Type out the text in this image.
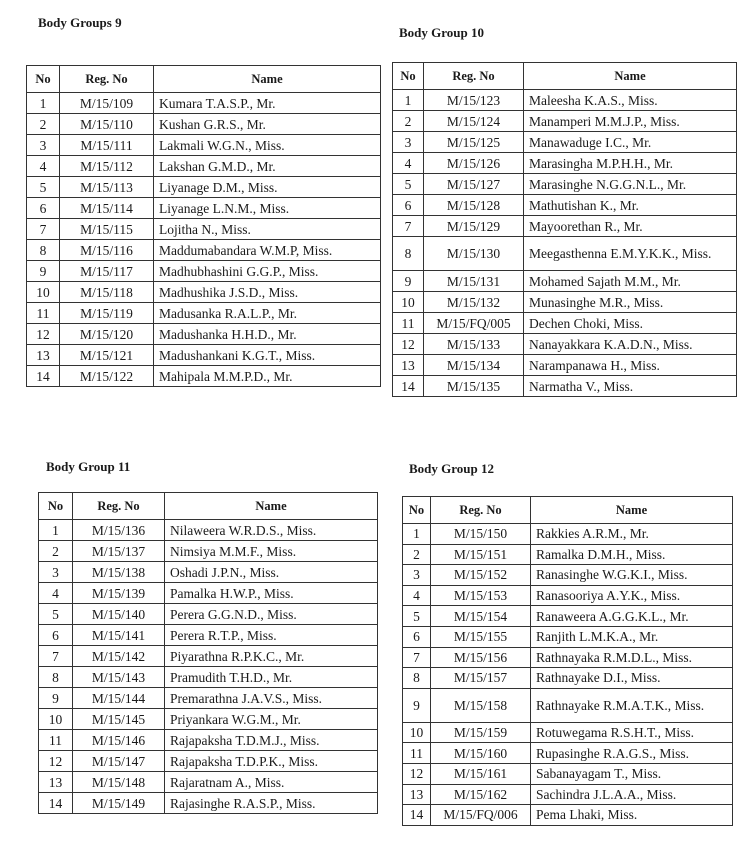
Body Groups 9
No	Reg. No	Name
1	M/15/109	Kumara T.A.S.P., Mr.
2	M/15/110	Kushan G.R.S., Mr.
3	M/15/111	Lakmali W.G.N., Miss.
4	M/15/112	Lakshan G.M.D., Mr.
5	M/15/113	Liyanage D.M., Miss.
6	M/15/114	Liyanage L.N.M., Miss.
7	M/15/115	Lojitha N., Miss.
8	M/15/116	Maddumabandara W.M.P, Miss.
9	M/15/117	Madhubhashini G.G.P., Miss.
10	M/15/118	Madhushika J.S.D., Miss.
11	M/15/119	Madusanka R.A.L.P., Mr.
12	M/15/120	Madushanka H.H.D., Mr.
13	M/15/121	Madushankani K.G.T., Miss.
14	M/15/122	Mahipala M.M.P.D., Mr.
Body Group 10
No	Reg. No	Name
1	M/15/123	Maleesha K.A.S., Miss.
2	M/15/124	Manamperi M.M.J.P., Miss.
3	M/15/125	Manawaduge I.C., Mr.
4	M/15/126	Marasingha M.P.H.H., Mr.
5	M/15/127	Marasinghe N.G.G.N.L., Mr.
6	M/15/128	Mathutishan K., Mr.
7	M/15/129	Mayoorethan R., Mr.
8	M/15/130	Meegasthenna E.M.Y.K.K., Miss.
9	M/15/131	Mohamed Sajath M.M., Mr.
10	M/15/132	Munasinghe M.R., Miss.
11	M/15/FQ/005	Dechen Choki, Miss.
12	M/15/133	Nanayakkara K.A.D.N., Miss.
13	M/15/134	Narampanawa H., Miss.
14	M/15/135	Narmatha V., Miss.
Body Group 11
No	Reg. No	Name
1	M/15/136	Nilaweera W.R.D.S., Miss.
2	M/15/137	Nimsiya M.M.F., Miss.
3	M/15/138	Oshadi J.P.N., Miss.
4	M/15/139	Pamalka H.W.P., Miss.
5	M/15/140	Perera G.G.N.D., Miss.
6	M/15/141	Perera R.T.P., Miss.
7	M/15/142	Piyarathna R.P.K.C., Mr.
8	M/15/143	Pramudith T.H.D., Mr.
9	M/15/144	Premarathna J.A.V.S., Miss.
10	M/15/145	Priyankara W.G.M., Mr.
11	M/15/146	Rajapaksha T.D.M.J., Miss.
12	M/15/147	Rajapaksha T.D.P.K., Miss.
13	M/15/148	Rajaratnam A., Miss.
14	M/15/149	Rajasinghe R.A.S.P., Miss.
Body Group 12
No	Reg. No	Name
1	M/15/150	Rakkies A.R.M., Mr.
2	M/15/151	Ramalka D.M.H., Miss.
3	M/15/152	Ranasinghe W.G.K.I., Miss.
4	M/15/153	Ranasooriya A.Y.K., Miss.
5	M/15/154	Ranaweera A.G.G.K.L., Mr.
6	M/15/155	Ranjith L.M.K.A., Mr.
7	M/15/156	Rathnayaka R.M.D.L., Miss.
8	M/15/157	Rathnayake D.I., Miss.
9	M/15/158	Rathnayake R.M.A.T.K., Miss.
10	M/15/159	Rotuwegama R.S.H.T., Miss.
11	M/15/160	Rupasinghe R.A.G.S., Miss.
12	M/15/161	Sabanayagam T., Miss.
13	M/15/162	Sachindra J.L.A.A., Miss.
14	M/15/FQ/006	Pema Lhaki, Miss.
